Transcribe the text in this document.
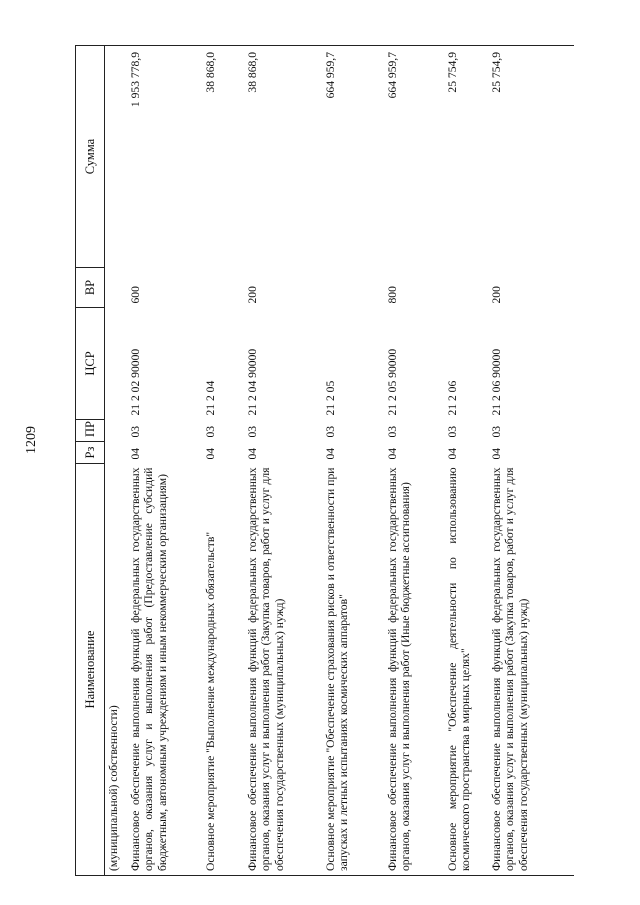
1209
Наименование	Рз	ПР	ЦСР	ВР	Сумма
(муниципальной) собственности)					
Финансовое обеспечение выполнения функций федеральных государственных органов, оказания услуг и выполнения работ (Предоставление субсидий бюджетным, автономным учреждениям и иным некоммерческим организациям)	04	03	21 2 02 90000	600	1 953 778,9
Основное мероприятие "Выполнение международных обязательств"	04	03	21 2 04		38 868,0
Финансовое обеспечение выполнения функций федеральных государственных органов, оказания услуг и выполнения работ (Закупка товаров, работ и услуг для обеспечения государственных (муниципальных) нужд)	04	03	21 2 04 90000	200	38 868,0
Основное мероприятие "Обеспечение страхования рисков и ответственности при запусках и летных испытаниях космических аппаратов"	04	03	21 2 05		664 959,7
Финансовое обеспечение выполнения функций федеральных государственных органов, оказания услуг и выполнения работ (Иные бюджетные ассигнования)	04	03	21 2 05 90000	800	664 959,7
Основное мероприятие "Обеспечение деятельности по использованию космического пространства в мирных целях"	04	03	21 2 06		25 754,9
Финансовое обеспечение выполнения функций федеральных государственных органов, оказания услуг и выполнения работ (Закупка товаров, работ и услуг для обеспечения государственных (муниципальных) нужд)	04	03	21 2 06 90000	200	25 754,9
